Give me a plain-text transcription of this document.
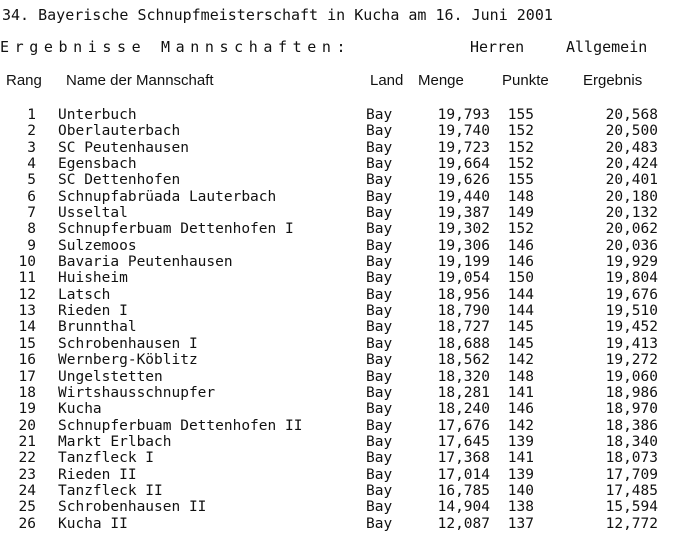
34. Bayerische Schnupfmeisterschaft in Kucha am 16. Juni 2001
Ergebnisse Mannschaften:	Herren	Allgemein
Rang Name der Mannschaft	Land Menge	Punkte Ergebnis
1 Unterbuch	Bay	19,793	155	20,568
2 Oberlauterbach	Bay	19,740	152	20,500
3 SC Peutenhausen	Bay	19,723	152	20,483
4 Egensbach	Bay	19,664	152	20,424
5 SC Dettenhofen	Bay	19,626	155	20,401
6 Schnupfabrüada Lauterbach	Bay	19,440	148	20,180
7 Usseltal	Bay	19,387	149	20,132
8 Schnupferbuam Dettenhofen I	Bay	19,302	152	20,062
9 Sulzemoos	Bay	19,306	146	20,036
10 Bavaria Peutenhausen	Bay	19,199	146	19,929
11 Huisheim	Bay	19,054	150	19,804
12 Latsch	Bay	18,956	144	19,676
13 Rieden I	Bay	18,790	144	19,510
14 Brunnthal	Bay	18,727	145	19,452
15 Schrobenhausen I	Bay	18,688	145	19,413
16 Wernberg-Köblitz	Bay	18,562	142	19,272
17 Ungelstetten	Bay	18,320	148	19,060
18 Wirtshausschnupfer	Bay	18,281	141	18,986
19 Kucha	Bay	18,240	146	18,970
20 Schnupferbuam Dettenhofen II	Bay	17,676	142	18,386
21 Markt Erlbach	Bay	17,645	139	18,340
22 Tanzfleck I	Bay	17,368	141	18,073
23 Rieden II	Bay	17,014	139	17,709
24 Tanzfleck II	Bay	16,785	140	17,485
25 Schrobenhausen II	Bay	14,904	138	15,594
26 Kucha II	Bay	12,087	137	12,772
